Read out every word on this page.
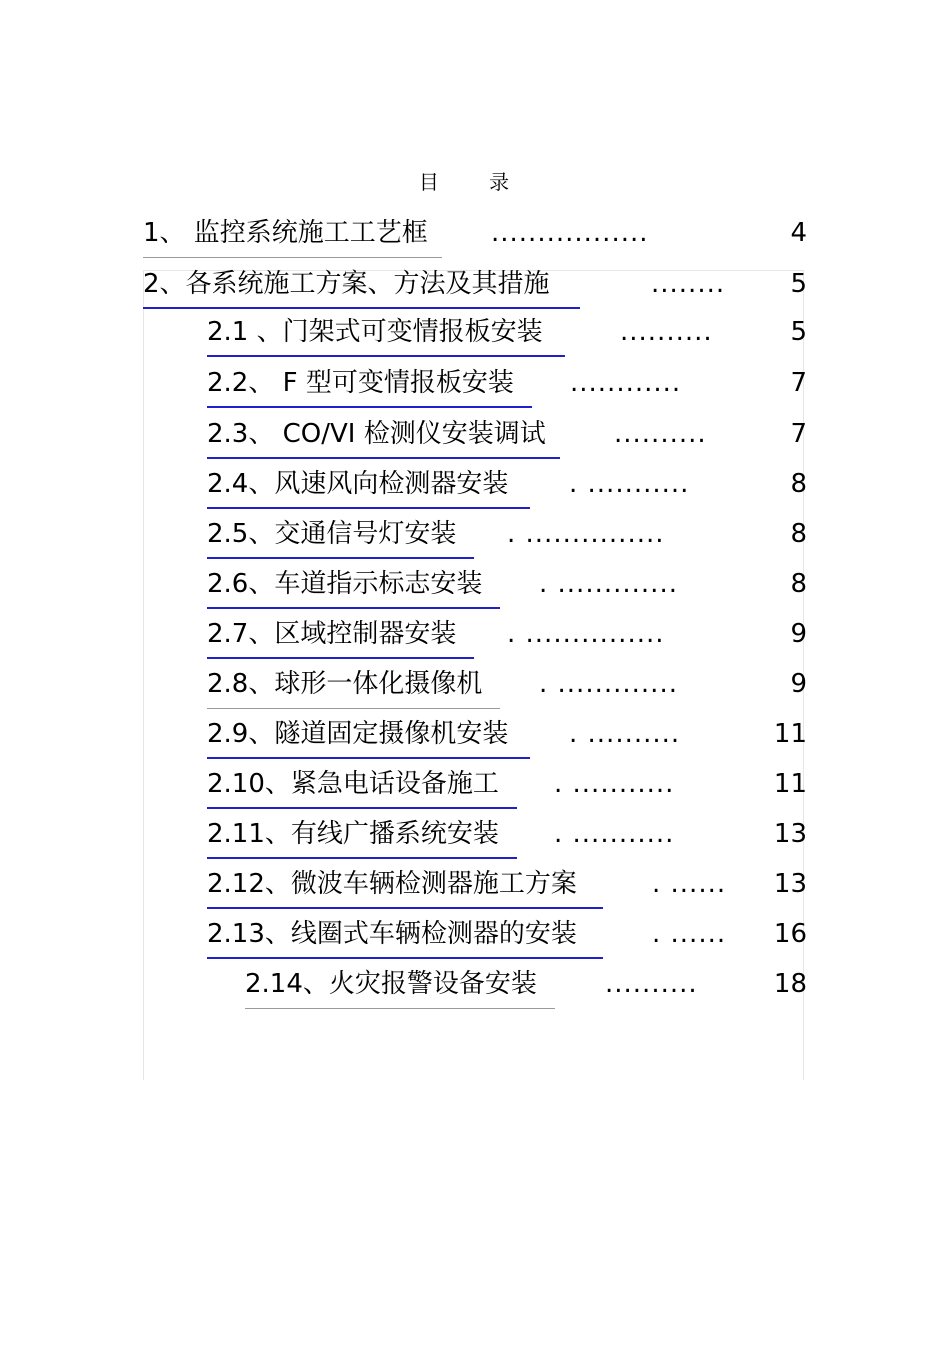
目 录
1、 监控系统施工工艺框 .................	4
2、各系统施工方案、方法及其措施	........	5
2.1 、门架式可变情报板安装	..........	5
2.2、 F 型可变情报板安装 ............	7
2.3、 CO/VI 检测仪安装调试	..........	7
2.4、风速风向检测器安装 . ...........	8
2.5、交通信号灯安装 . ...............	8
2.6、车道指示标志安装 . .............	8
2.7、区域控制器安装 . ...............	9
2.8、球形一体化摄像机 . .............	9
2.9、隧道固定摄像机安装 . ..........	11
2.10、紧急电话设备施工 . ...........	11
2.11、有线广播系统安装 . ...........	13
2.12、微波车辆检测器施工方案	. ...... 13
2.13、线圈式车辆检测器的安装	. ...... 16
2.14、火灾报警设备安装	..........	18
